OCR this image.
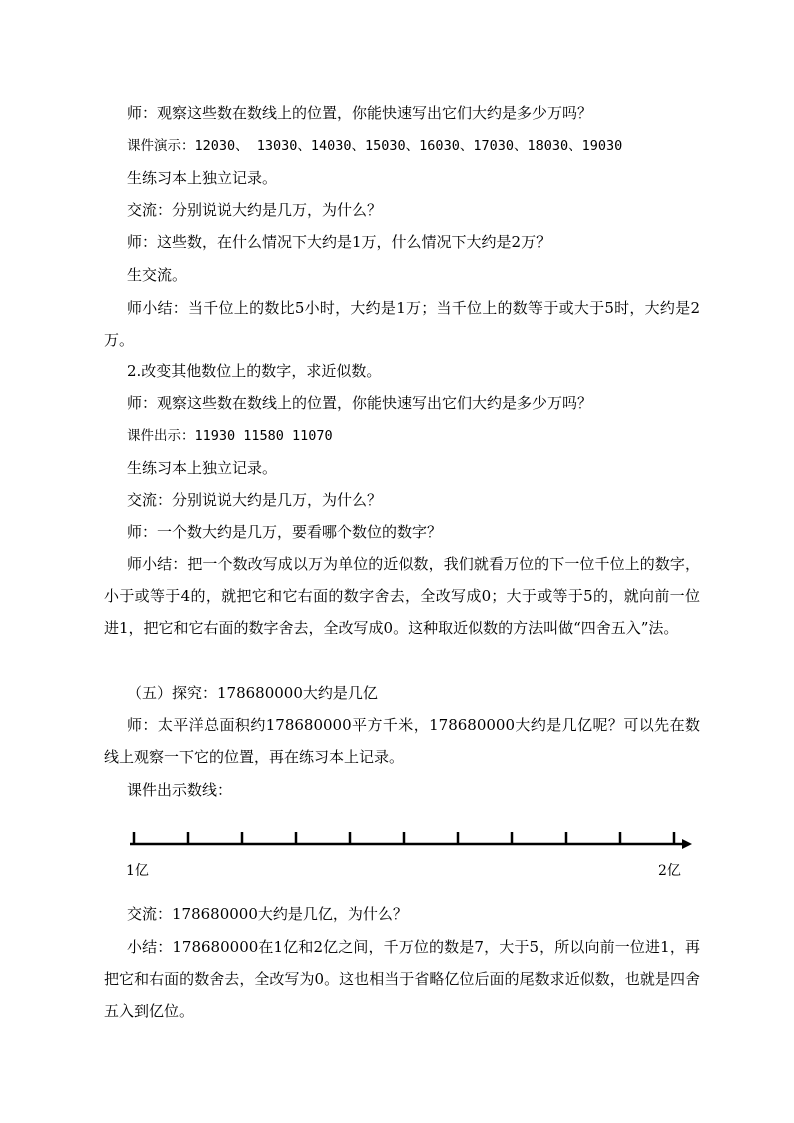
师：观察这些数在数线上的位置，你能快速写出它们大约是多少万吗？
课件演示：12030、 13030、14030、15030、16030、17030、18030、19030
生练习本上独立记录。
交流：分别说说大约是几万，为什么？
师：这些数，在什么情况下大约是1万，什么情况下大约是2万？
生交流。
师小结：当千位上的数比5小时，大约是1万；当千位上的数等于或大于5时，大约是2万。
2.改变其他数位上的数字，求近似数。
师：观察这些数在数线上的位置，你能快速写出它们大约是多少万吗？
课件出示：11930 11580 11070
生练习本上独立记录。
交流：分别说说大约是几万，为什么？
师：一个数大约是几万，要看哪个数位的数字？
师小结：把一个数改写成以万为单位的近似数，我们就看万位的下一位千位上的数字，小于或等于4的，就把它和它右面的数字舍去，全改写成0；大于或等于5的，就向前一位进1，把它和它右面的数字舍去，全改写成0。这种取近似数的方法叫做“四舍五入”法。
（五）探究：178680000大约是几亿
师：太平洋总面积约178680000平方千米，178680000大约是几亿呢？可以先在数线上观察一下它的位置，再在练习本上记录。
课件出示数线：
1亿	2亿
交流：178680000大约是几亿，为什么？
小结：178680000在1亿和2亿之间，千万位的数是7，大于5，所以向前一位进1，再把它和右面的数舍去，全改写为0。这也相当于省略亿位后面的尾数求近似数，也就是四舍五入到亿位。
